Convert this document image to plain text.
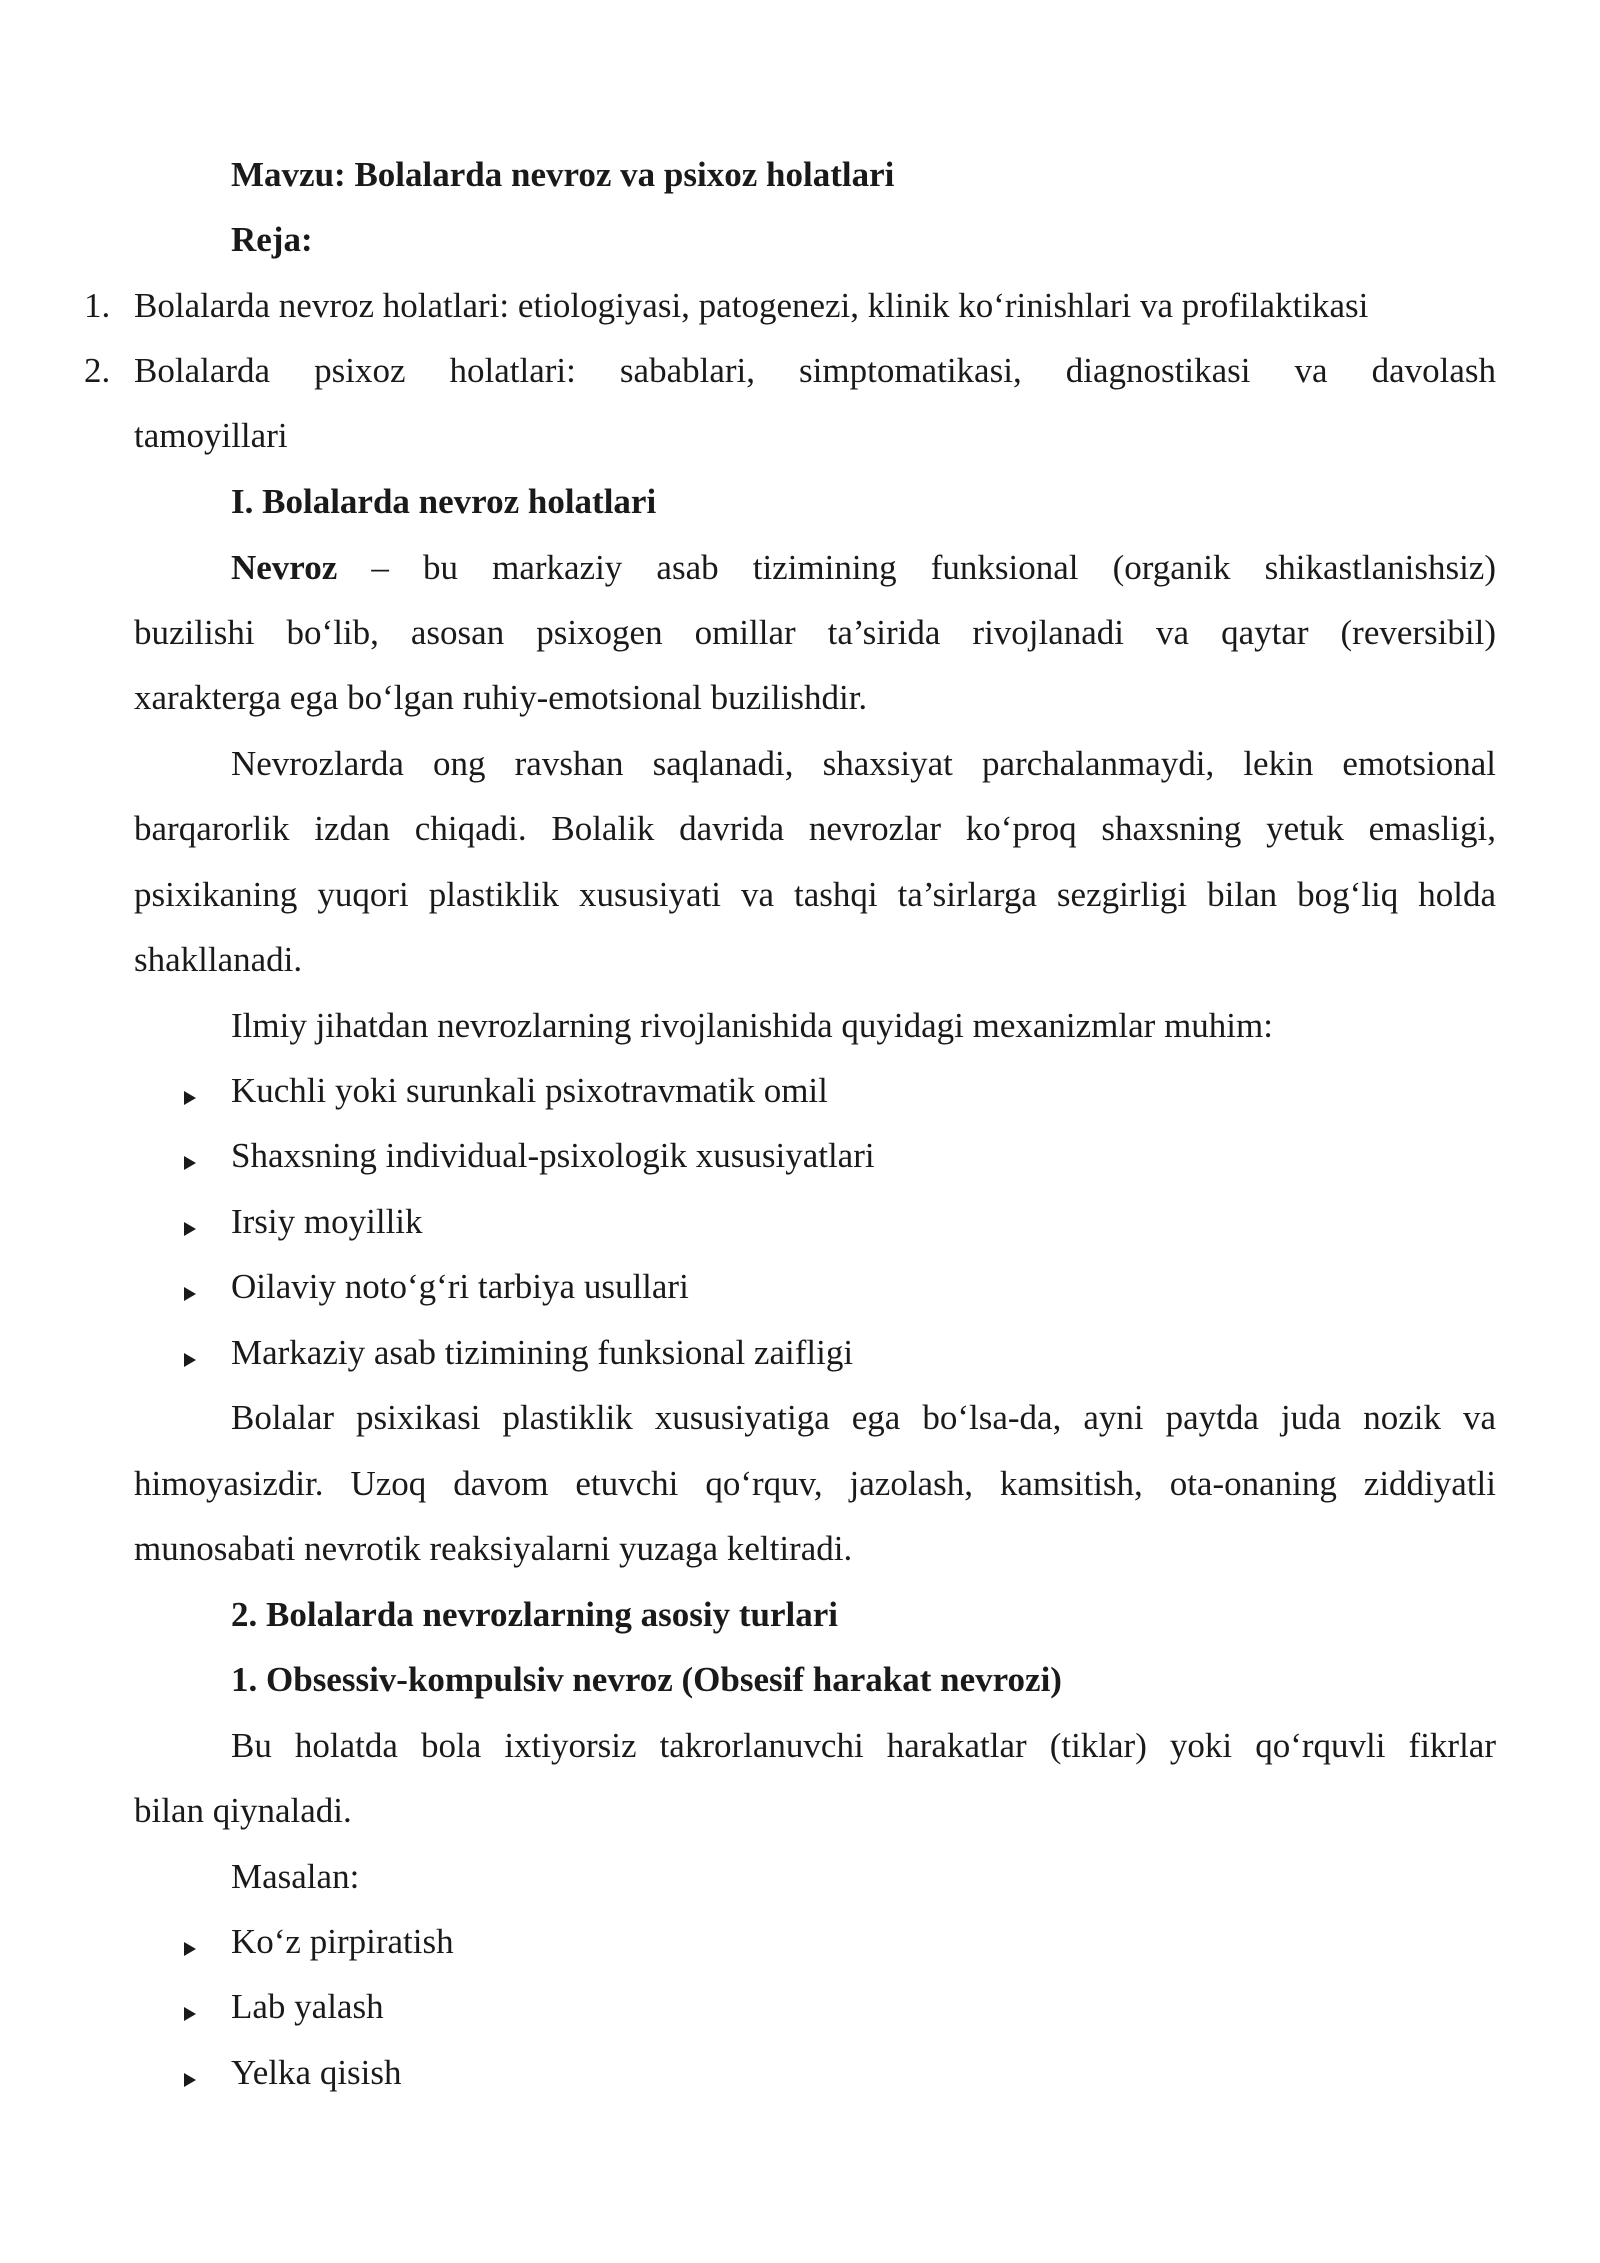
Mavzu: Bolalarda nevroz va psixoz holatlari
Reja:
1. Bolalarda nevroz holatlari: etiologiyasi, patogenezi, klinik ko‘rinishlari va profilaktikasi
2. Bolalarda psixoz holatlari: sabablari, simptomatikasi, diagnostikasi va davolash
tamoyillari
I. Bolalarda nevroz holatlari
Nevroz – bu markaziy asab tizimining funksional (organik shikastlanishsiz)
buzilishi bo‘lib, asosan psixogen omillar ta’sirida rivojlanadi va qaytar (reversibil)
xarakterga ega bo‘lgan ruhiy-emotsional buzilishdir.
Nevrozlarda ong ravshan saqlanadi, shaxsiyat parchalanmaydi, lekin emotsional
barqarorlik izdan chiqadi. Bolalik davrida nevrozlar ko‘proq shaxsning yetuk emasligi,
psixikaning yuqori plastiklik xususiyati va tashqi ta’sirlarga sezgirligi bilan bog‘liq holda
shakllanadi.
Ilmiy jihatdan nevrozlarning rivojlanishida quyidagi mexanizmlar muhim:
Kuchli yoki surunkali psixotravmatik omil
Shaxsning individual-psixologik xususiyatlari
Irsiy moyillik
Oilaviy noto‘g‘ri tarbiya usullari
Markaziy asab tizimining funksional zaifligi
Bolalar psixikasi plastiklik xususiyatiga ega bo‘lsa-da, ayni paytda juda nozik va
himoyasizdir. Uzoq davom etuvchi qo‘rquv, jazolash, kamsitish, ota-onaning ziddiyatli
munosabati nevrotik reaksiyalarni yuzaga keltiradi.
2. Bolalarda nevrozlarning asosiy turlari
1. Obsessiv-kompulsiv nevroz (Obsesif harakat nevrozi)
Bu holatda bola ixtiyorsiz takrorlanuvchi harakatlar (tiklar) yoki qo‘rquvli fikrlar
bilan qiynaladi.
Masalan:
Ko‘z pirpiratish
Lab yalash
Yelka qisish
